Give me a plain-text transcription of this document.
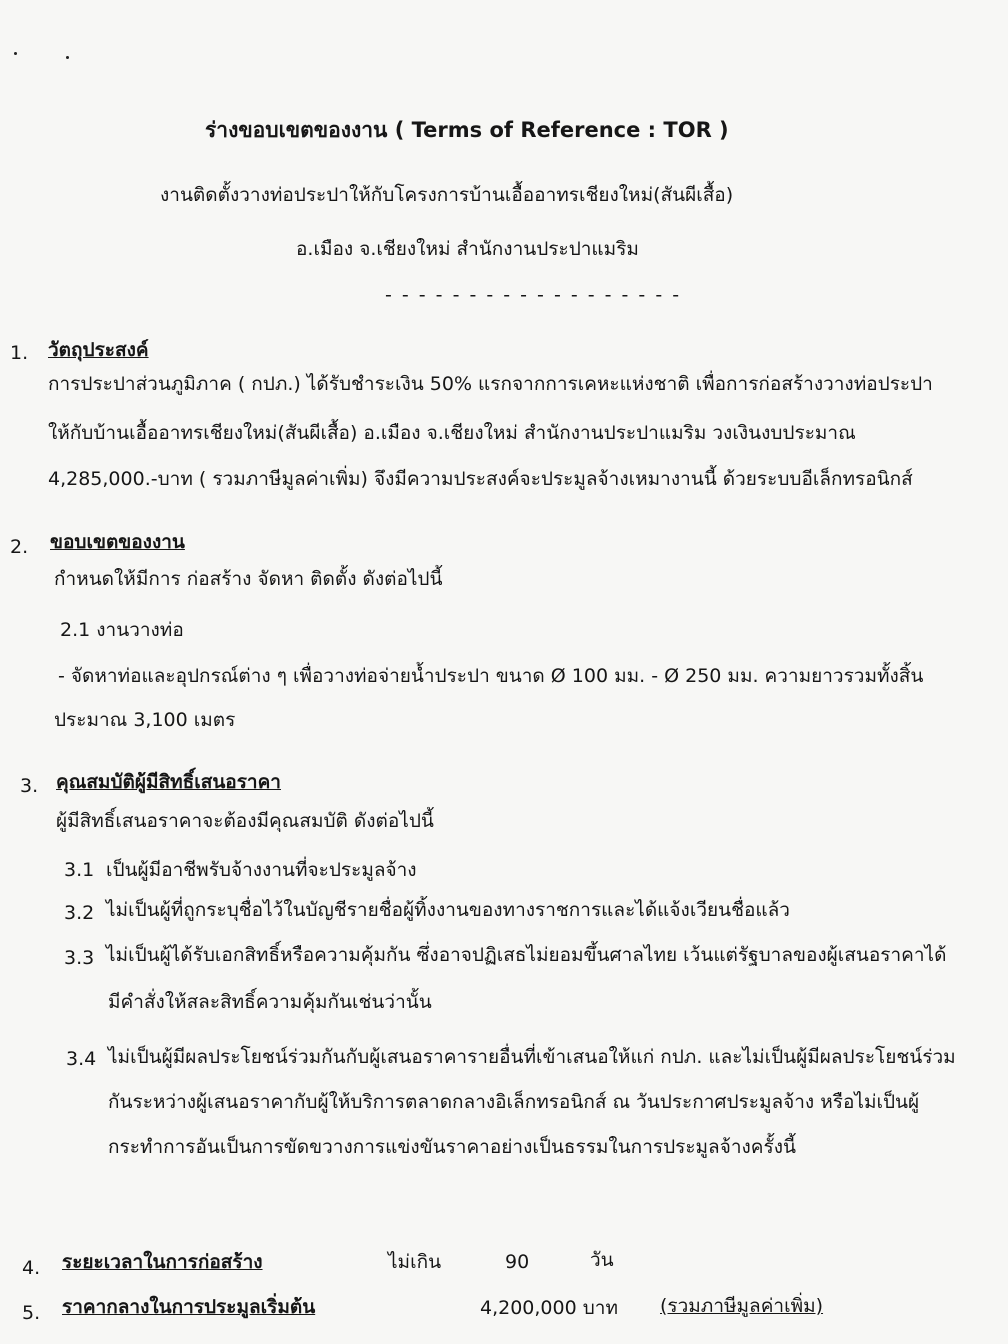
ร่างขอบเขตของงาน ( Terms of Reference : TOR )
งานติดตั้งวางท่อประปาให้กับโครงการบ้านเอื้ออาทรเชียงใหม่(สันผีเสื้อ)
อ.เมือง จ.เชียงใหม่ สำนักงานประปาแมริม
- - - - - - - - - - - - - - - - - -
1. วัตถุประสงค์
การประปาส่วนภูมิภาค ( กปภ.) ได้รับชำระเงิน 50% แรกจากการเคหะแห่งชาติ เพื่อการก่อสร้างวางท่อประปา
ให้กับบ้านเอื้ออาทรเชียงใหม่(สันผีเสื้อ) อ.เมือง จ.เชียงใหม่ สำนักงานประปาแมริม วงเงินงบประมาณ
4,285,000.-บาท ( รวมภาษีมูลค่าเพิ่ม) จึงมีความประสงค์จะประมูลจ้างเหมางานนี้ ด้วยระบบอีเล็กทรอนิกส์
2. ขอบเขตของงาน
กำหนดให้มีการ ก่อสร้าง จัดหา ติดตั้ง ดังต่อไปนี้
2.1 งานวางท่อ
- จัดหาท่อและอุปกรณ์ต่าง ๆ เพื่อวางท่อจ่ายน้ำประปา ขนาด Ø 100 มม. - Ø 250 มม. ความยาวรวมทั้งสิ้น
ประมาณ 3,100 เมตร
3. คุณสมบัติผู้มีสิทธิ์เสนอราคา
ผู้มีสิทธิ์เสนอราคาจะต้องมีคุณสมบัติ ดังต่อไปนี้
3.1 เป็นผู้มีอาชีพรับจ้างงานที่จะประมูลจ้าง
3.2 ไม่เป็นผู้ที่ถูกระบุชื่อไว้ในบัญชีรายชื่อผู้ทิ้งงานของทางราชการและได้แจ้งเวียนชื่อแล้ว
3.3 ไม่เป็นผู้ได้รับเอกสิทธิ์หรือความคุ้มกัน ซึ่งอาจปฏิเสธไม่ยอมขึ้นศาลไทย เว้นแต่รัฐบาลของผู้เสนอราคาได้
มีคำสั่งให้สละสิทธิ์ความคุ้มกันเช่นว่านั้น
3.4 ไม่เป็นผู้มีผลประโยชน์ร่วมกันกับผู้เสนอราคารายอื่นที่เข้าเสนอให้แก่ กปภ. และไม่เป็นผู้มีผลประโยชน์ร่วม
กันระหว่างผู้เสนอราคากับผู้ให้บริการตลาดกลางอิเล็กทรอนิกส์ ณ วันประกาศประมูลจ้าง หรือไม่เป็นผู้
กระทำการอันเป็นการขัดขวางการแข่งขันราคาอย่างเป็นธรรมในการประมูลจ้างครั้งนี้
4. ระยะเวลาในการก่อสร้าง	ไม่เกิน	90	วัน
5. ราคากลางในการประมูลเริ่มต้น	4,200,000 บาท (รวมภาษีมูลค่าเพิ่ม)
